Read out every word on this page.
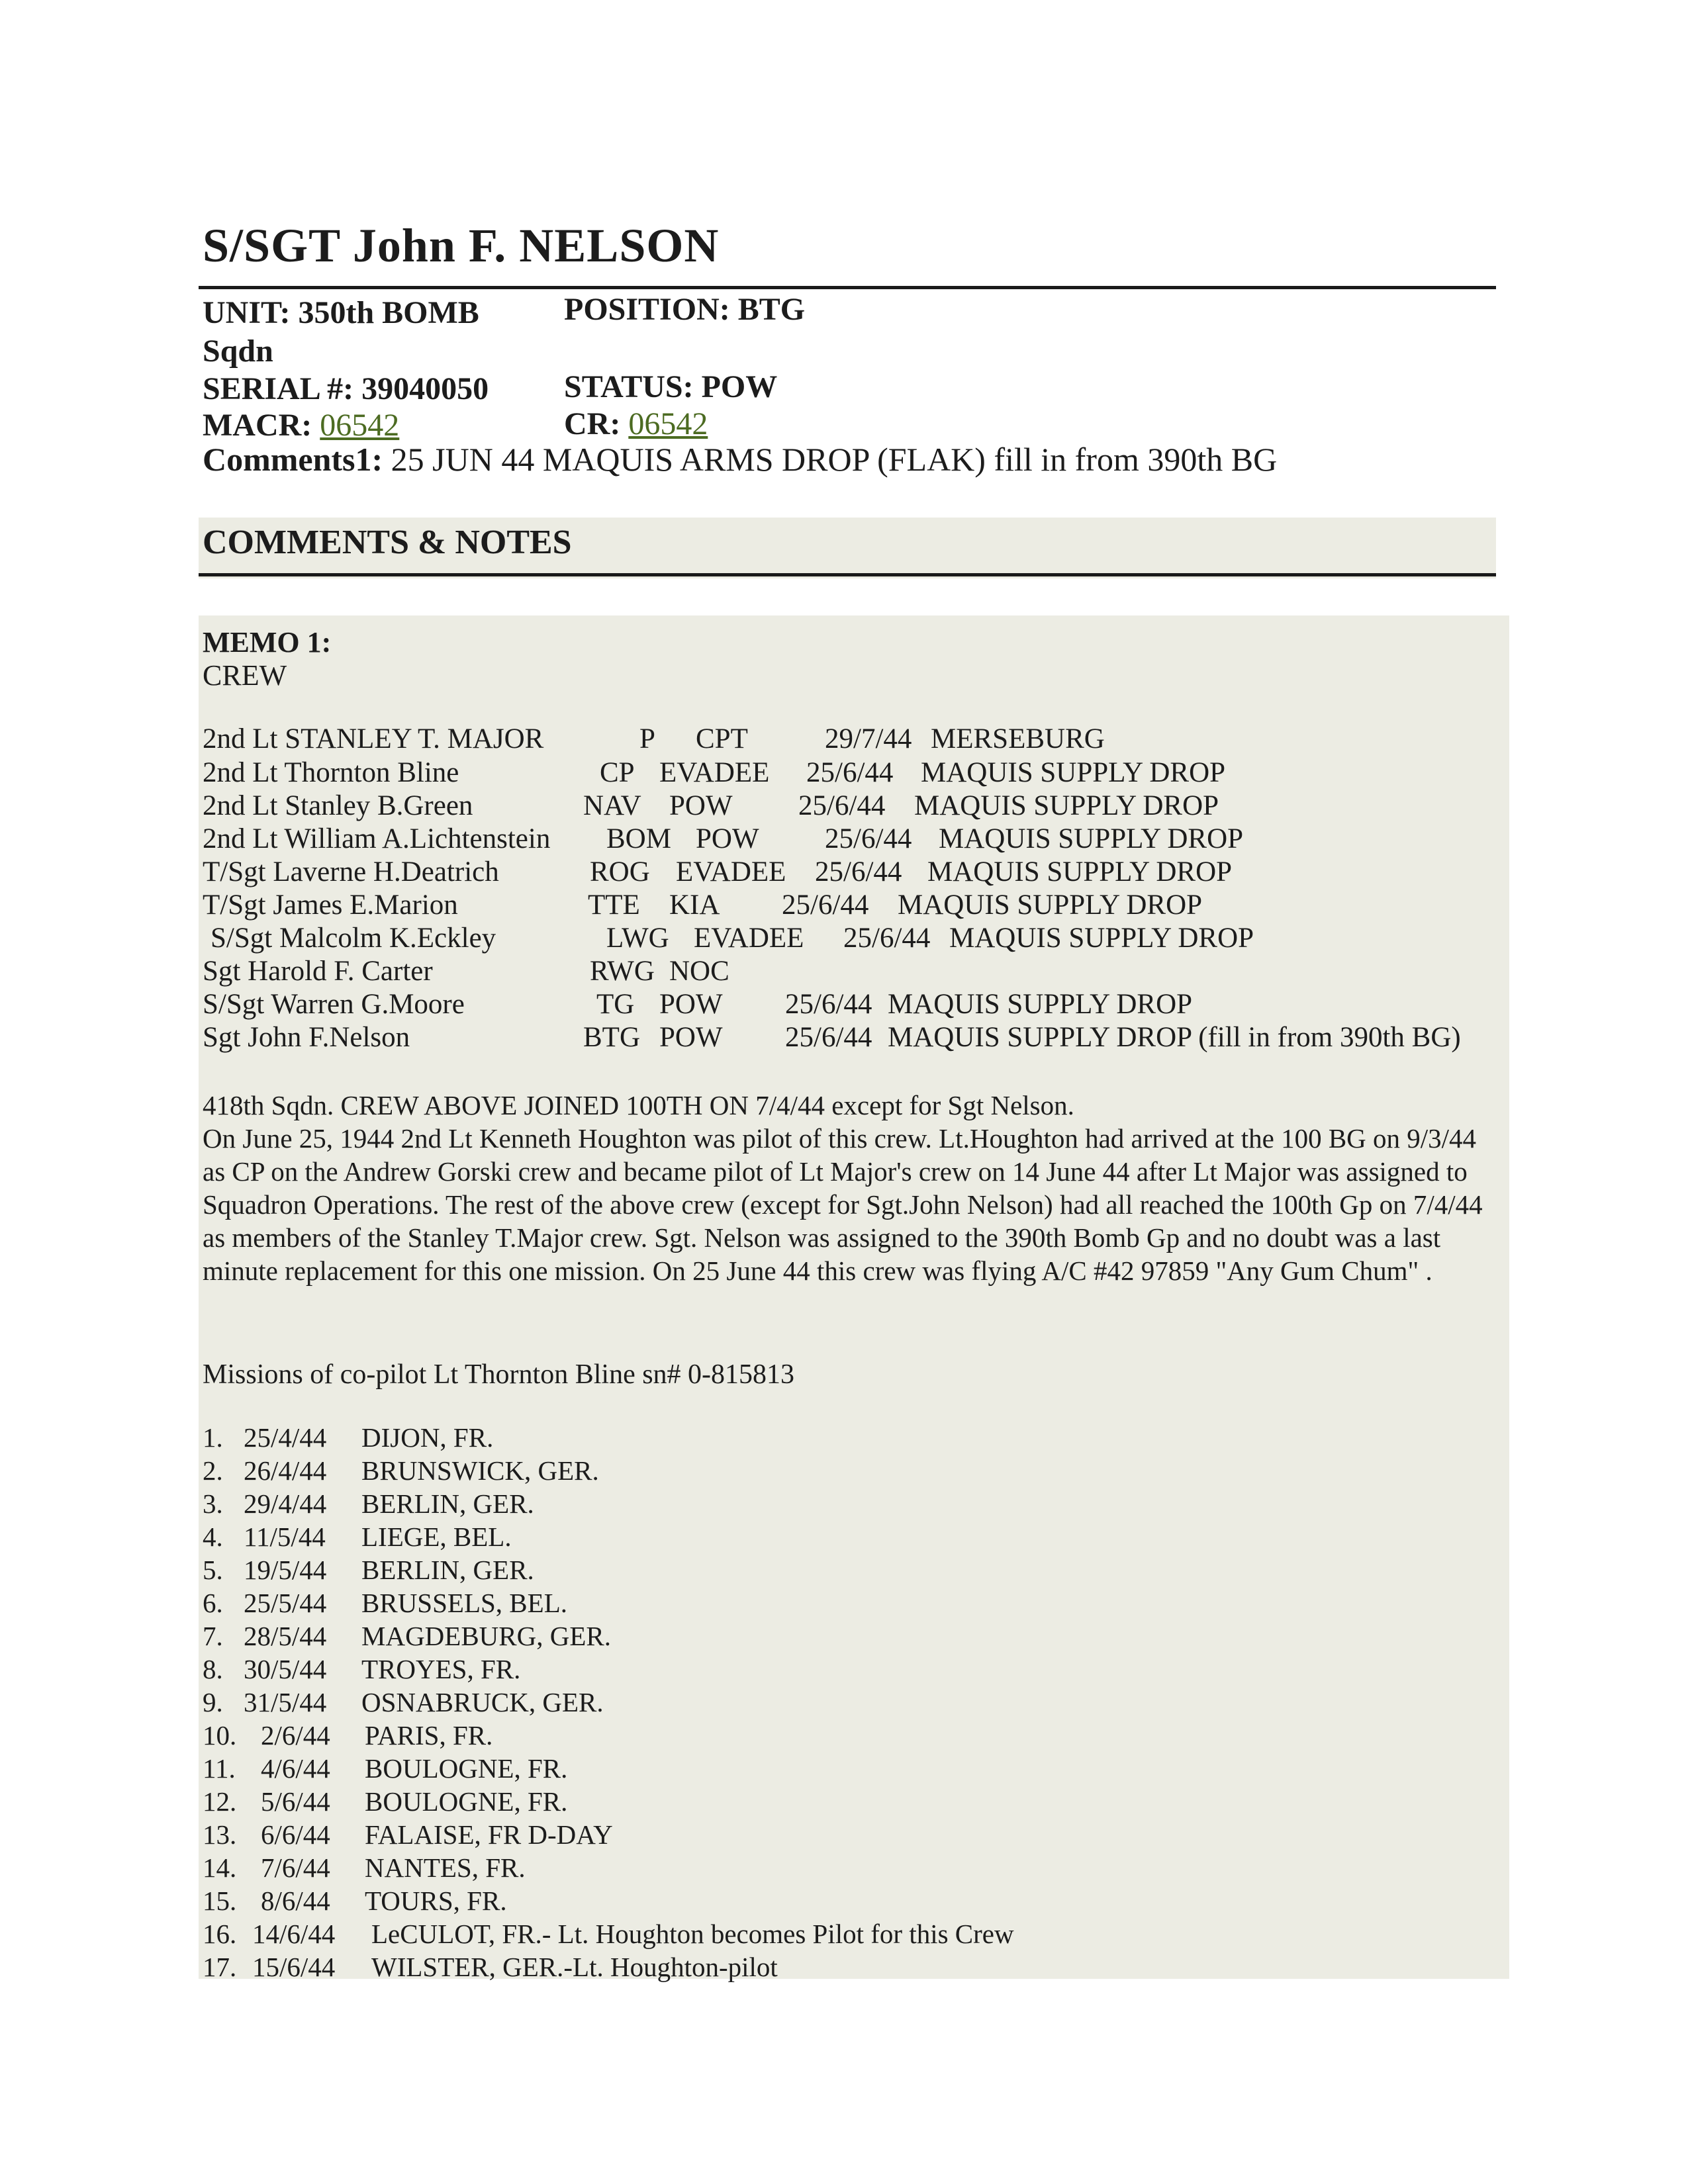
S/SGT John F. NELSON
UNIT: 350th BOMB
Sqdn
POSITION: BTG
SERIAL #: 39040050 STATUS: POW
MACR: 06542	CR: 06542
Comments1: 25 JUN 44 MAQUIS ARMS DROP (FLAK) fill in from 390th BG
COMMENTS & NOTES
MEMO 1:
CREW
2nd Lt STANLEY T. MAJOR	P CPT	29/7/44 MERSEBURG
2nd Lt Thornton Bline	CP EVADEE 25/6/44 MAQUIS SUPPLY DROP
2nd Lt Stanley B.Green	NAV POW 25/6/44 MAQUIS SUPPLY DROP
2nd Lt William A.Lichtenstein BOM POW 25/6/44 MAQUIS SUPPLY DROP
T/Sgt Laverne H.Deatrich	ROG EVADEE 25/6/44 MAQUIS SUPPLY DROP
T/Sgt James E.Marion	TTE KIA 25/6/44 MAQUIS SUPPLY DROP
S/Sgt Malcolm K.Eckley	LWG EVADEE 25/6/44 MAQUIS SUPPLY DROP
Sgt Harold F. Carter	RWG NOC
S/Sgt Warren G.Moore	TG POW 25/6/44 MAQUIS SUPPLY DROP
Sgt John F.Nelson	BTG POW 25/6/44 MAQUIS SUPPLY DROP (fill in from 390th BG)

418th Sqdn. CREW ABOVE JOINED 100TH ON 7/4/44 except for Sgt Nelson.

On June 25, 1944 2nd Lt Kenneth Houghton was pilot of this crew. Lt.Houghton had arrived at the 100 BG on 9/3/44 as CP on the Andrew Gorski crew and became pilot of Lt Major's crew on 14 June 44 after Lt Major was assigned to Squadron Operations. The rest of the above crew (except for Sgt.John Nelson) had all reached the 100th Gp on 7/4/44 as members of the Stanley T.Major crew. Sgt. Nelson was assigned to the 390th Bomb Gp and no doubt was a last minute replacement for this one mission. On 25 June 44 this crew was flying A/C #42 97859 "Any Gum Chum" .

Missions of co-pilot Lt Thornton Bline sn# 0-815813
1. 25/4/44 DIJON, FR.
2. 26/4/44 BRUNSWICK, GER.
3. 29/4/44 BERLIN, GER.
4. 11/5/44 LIEGE, BEL.
5. 19/5/44 BERLIN, GER.
6. 25/5/44 BRUSSELS, BEL.
7. 28/5/44 MAGDEBURG, GER.
8. 30/5/44 TROYES, FR.
9. 31/5/44 OSNABRUCK, GER.
10. 2/6/44 PARIS, FR.
11. 4/6/44 BOULOGNE, FR.
12. 5/6/44 BOULOGNE, FR.
13. 6/6/44 FALAISE, FR D-DAY
14. 7/6/44 NANTES, FR.
15. 8/6/44 TOURS, FR.
16. 14/6/44 LeCULOT, FR.- Lt. Houghton becomes Pilot for this Crew
17. 15/6/44 WILSTER, GER.-Lt. Houghton-pilot
